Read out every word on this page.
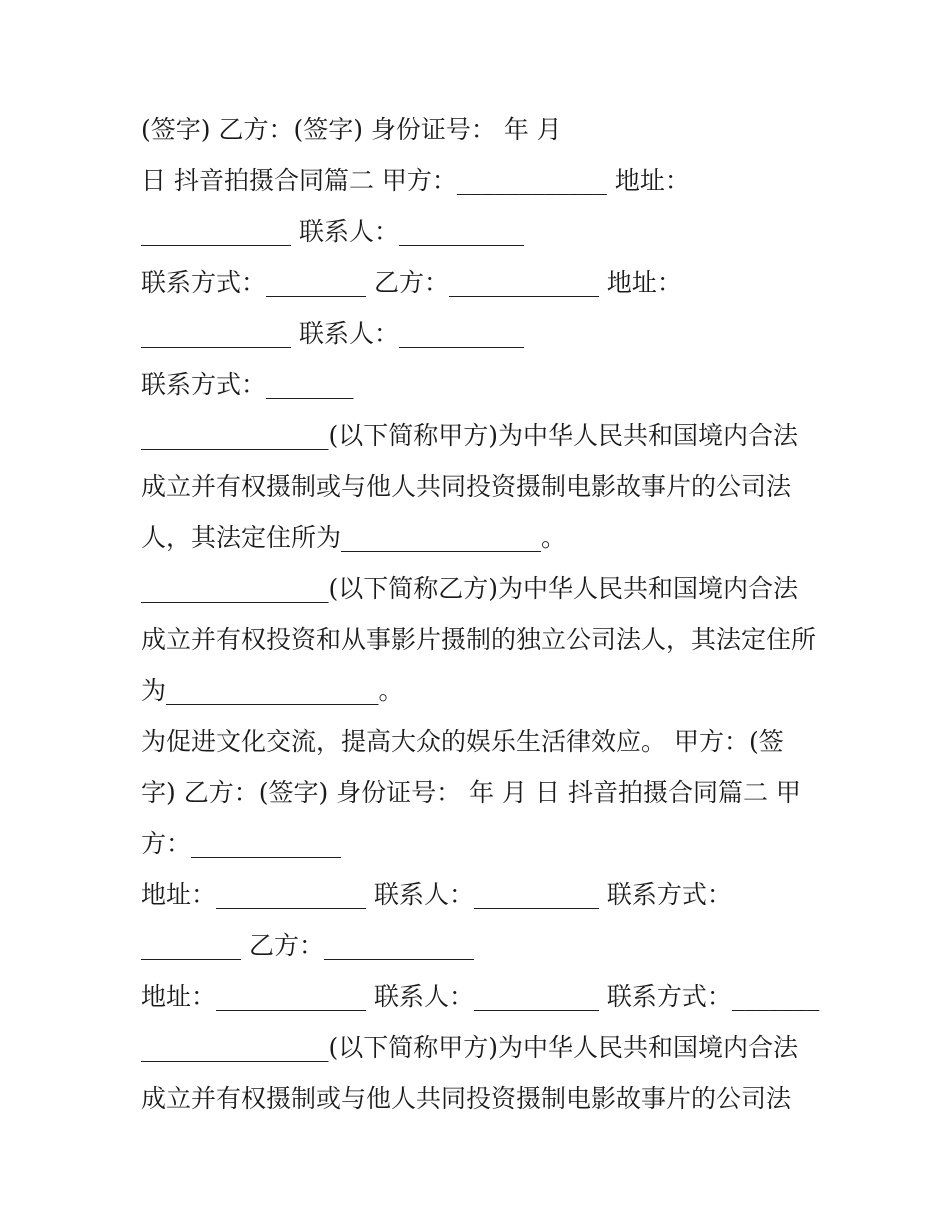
(签字) 乙方：(签字) 身份证号： 年 月
日 抖音拍摄合同篇二 甲方：____________ 地址：
____________ 联系人：__________
联系方式：________ 乙方：____________ 地址：
____________ 联系人：__________
联系方式：_______
_______________(以下简称甲方)为中华人民共和国境内合法
成立并有权摄制或与他人共同投资摄制电影故事片的公司法
人，其法定住所为________________。
_______________(以下简称乙方)为中华人民共和国境内合法
成立并有权投资和从事影片摄制的独立公司法人，其法定住所
为_________________。
为促进文化交流，提高大众的娱乐生活律效应。 甲方：(签
字) 乙方：(签字) 身份证号： 年 月 日 抖音拍摄合同篇二 甲
方：____________
地址：____________ 联系人：__________ 联系方式：
________ 乙方：____________
地址：____________ 联系人：__________ 联系方式：_______
_______________(以下简称甲方)为中华人民共和国境内合法
成立并有权摄制或与他人共同投资摄制电影故事片的公司法
